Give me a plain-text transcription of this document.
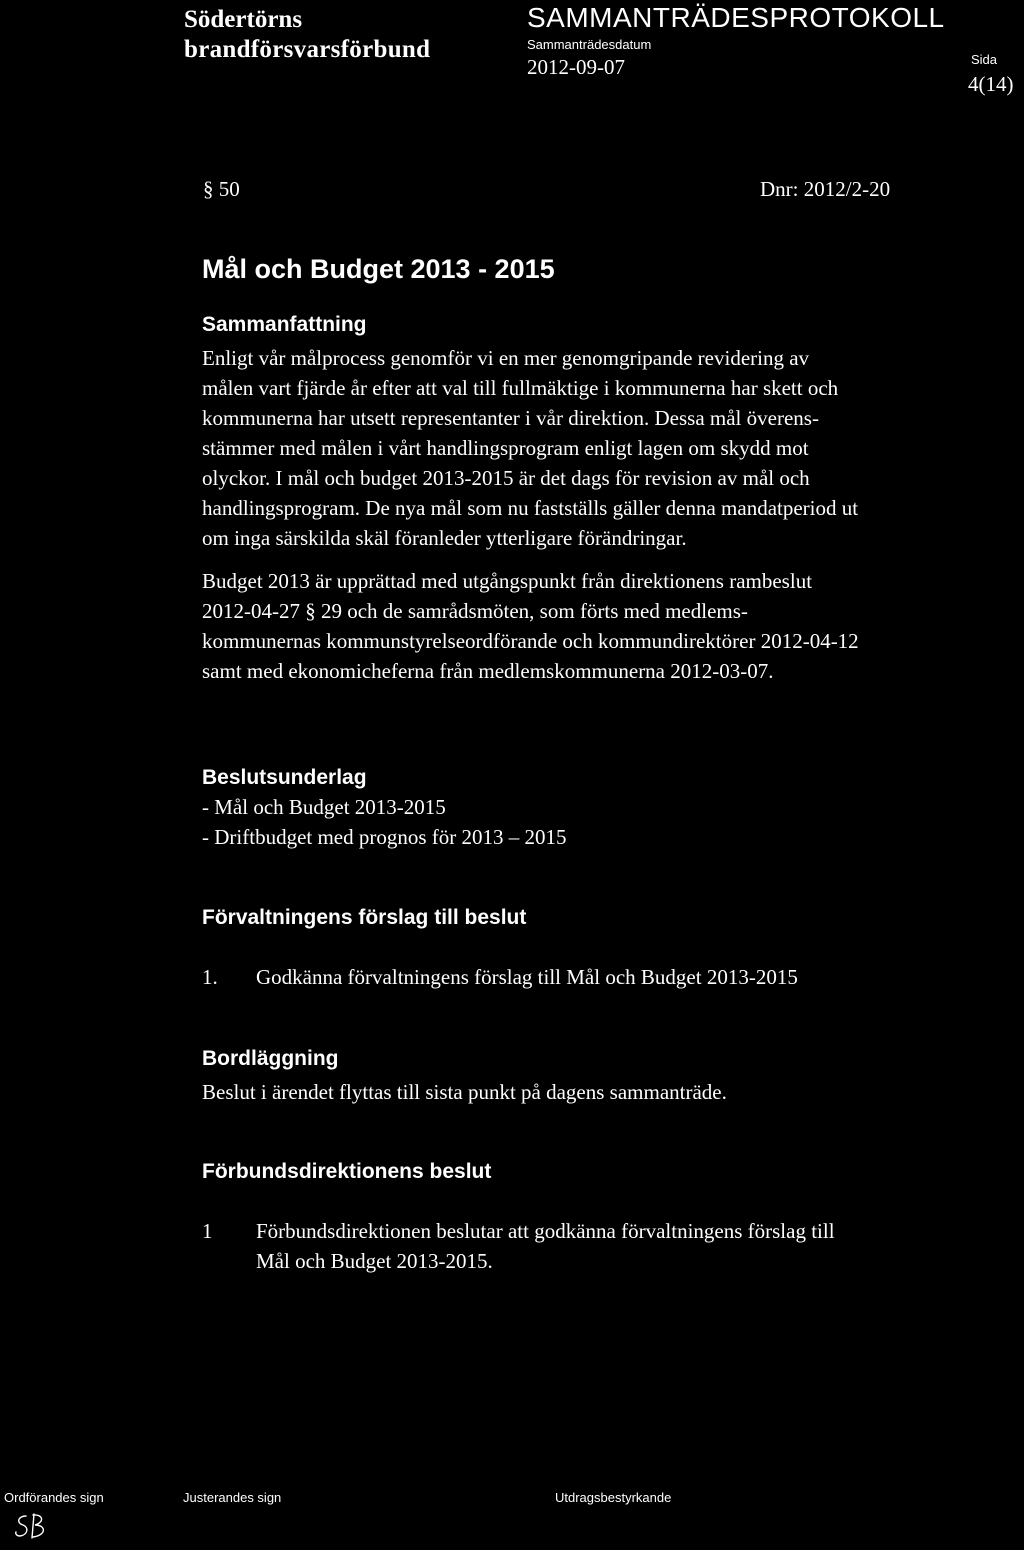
Södertörns
brandförsvarsförbund
SAMMANTRÄDESPROTOKOLL
Sammanträdesdatum
2012-09-07	Sida
4(14)
§ 50	Dnr: 2012/2-20
Mål och Budget 2013 - 2015
Sammanfattning
Enligt vår målprocess genomför vi en mer genomgripande revidering av
målen vart fjärde år efter att val till fullmäktige i kommunerna har skett och
kommunerna har utsett representanter i vår direktion. Dessa mål överens-
stämmer med målen i vårt handlingsprogram enligt lagen om skydd mot
olyckor. I mål och budget 2013-2015 är det dags för revision av mål och
handlingsprogram. De nya mål som nu fastställs gäller denna mandatperiod ut
om inga särskilda skäl föranleder ytterligare förändringar.
Budget 2013 är upprättad med utgångspunkt från direktionens rambeslut
2012-04-27 § 29 och de samrådsmöten, som förts med medlems-
kommunernas kommunstyrelseordförande och kommundirektörer 2012-04-12
samt med ekonomicheferna från medlemskommunerna 2012-03-07.
Beslutsunderlag
- Mål och Budget 2013-2015
- Driftbudget med prognos för 2013 – 2015
Förvaltningens förslag till beslut
1. Godkänna förvaltningens förslag till Mål och Budget 2013-2015
Bordläggning
Beslut i ärendet flyttas till sista punkt på dagens sammanträde.
Förbundsdirektionens beslut
1 Förbundsdirektionen beslutar att godkänna förvaltningens förslag till
Mål och Budget 2013-2015.
Ordförandes sign	Justerandes sign	Utdragsbestyrkande
